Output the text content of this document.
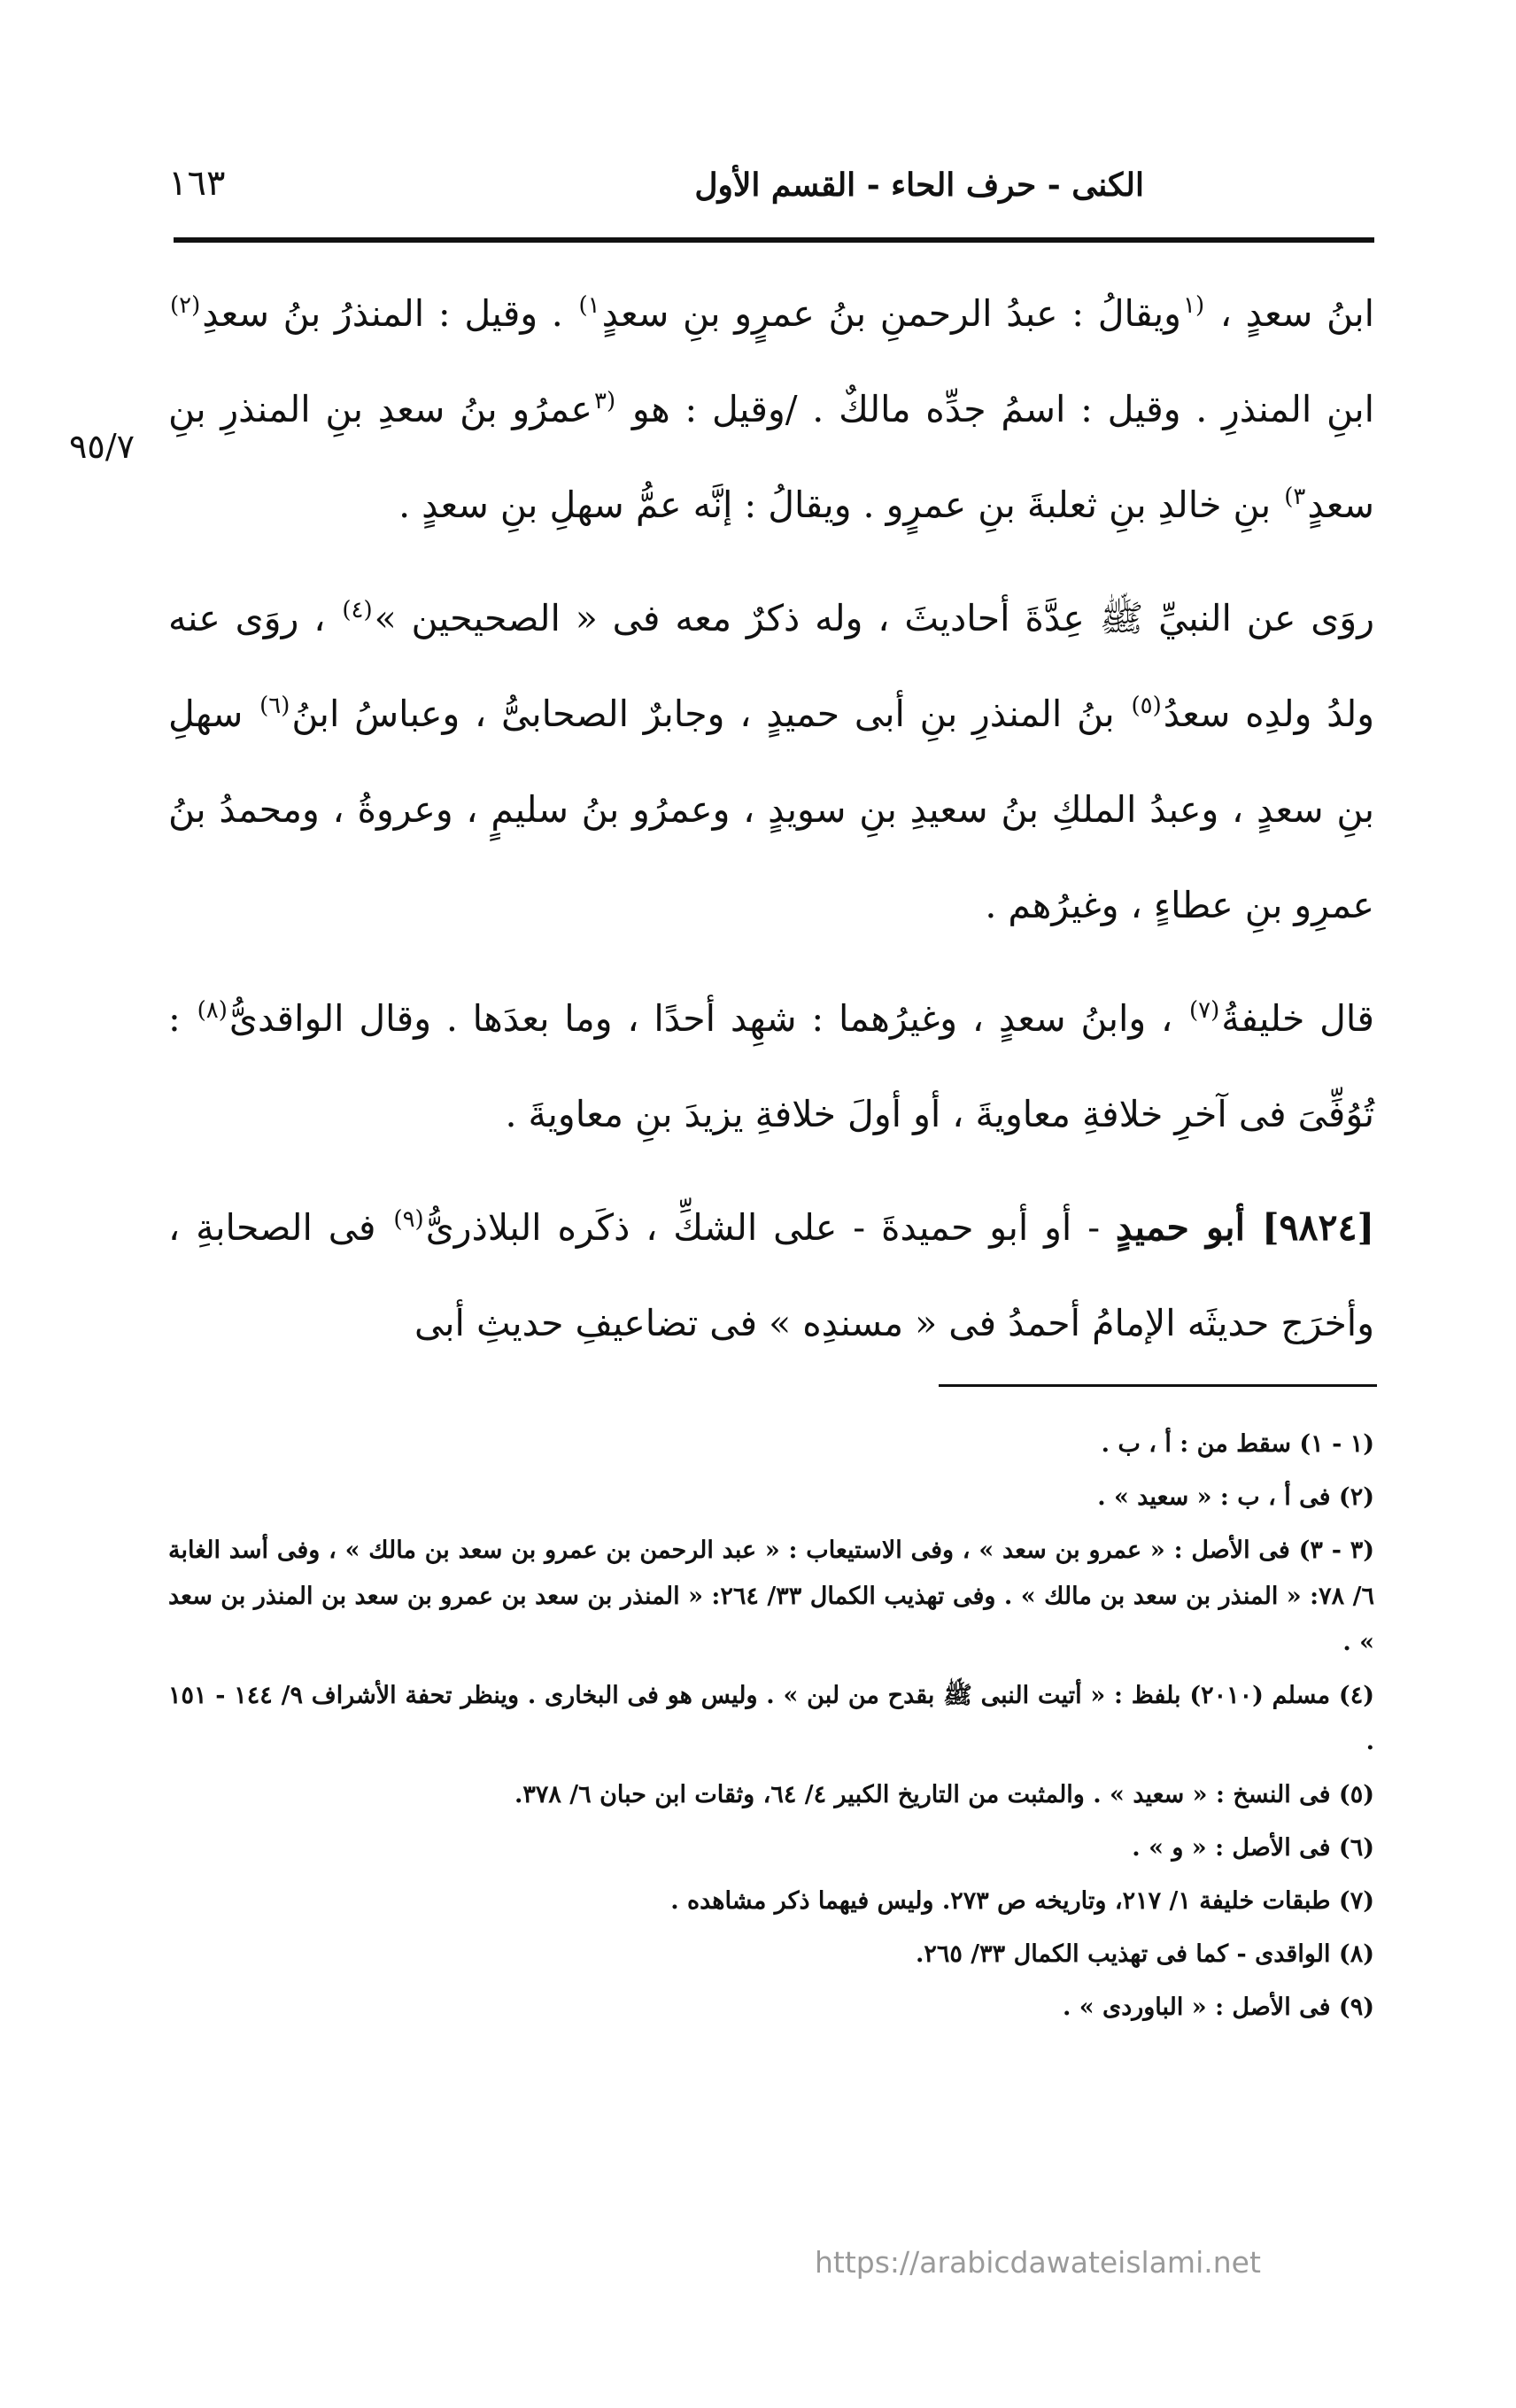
الكنى - حرف الحاء - القسم الأول
١٦٣
٩٥/٧

ابنُ سعدٍ ، $^{(١}$ويقالُ : عبدُ الرحمنِ بنُ عمرٍو بنِ سعدٍ$^{١)}$ . وقيل : المنذرُ بنُ سعدِ$^{(٢)}$ ابنِ المنذرِ . وقيل : اسمُ جدِّه مالكٌ . /وقيل : هو $^{(٣}$عمرُو بنُ سعدِ بنِ المنذرِ بنِ سعدٍ$^{٣)}$ بنِ خالدِ بنِ ثعلبةَ بنِ عمرٍو . ويقالُ : إنَّه عمُّ سهلِ بنِ سعدٍ .

روَى عن النبيِّ ﷺ عِدَّةَ أحاديثَ ، وله ذكرٌ معه فى « الصحيحين »$^{(٤)}$ ، روَى عنه ولدُ ولدِه سعدُ$^{(٥)}$ بنُ المنذرِ بنِ أبى حميدٍ ، وجابرٌ الصحابىُّ ، وعباسُ ابنُ$^{(٦)}$ سهلِ بنِ سعدٍ ، وعبدُ الملكِ بنُ سعيدِ بنِ سويدٍ ، وعمرُو بنُ سليمٍ ، وعروةُ ، ومحمدُ بنُ عمرِو بنِ عطاءٍ ، وغيرُهم .

قال خليفةُ$^{(٧)}$ ، وابنُ سعدٍ ، وغيرُهما : شهِد أحدًا ، وما بعدَها . وقال الواقدىُّ$^{(٨)}$ : تُوُفِّىَ فى آخرِ خلافةِ معاويةَ ، أو أولَ خلافةِ يزيدَ بنِ معاويةَ .

[٩٨٢٤] أبو حميدٍ - أو أبو حميدةَ - على الشكِّ ، ذكَره البلاذرىُّ$^{(٩)}$ فى الصحابةِ ، وأخرَج حديثَه الإمامُ أحمدُ فى « مسندِه » فى تضاعيفِ حديثِ أبى

(١ - ١) سقط من : أ ، ب .
(٢) فى أ ، ب : « سعيد » .
(٣ - ٣) فى الأصل : « عمرو بن سعد » ، وفى الاستيعاب : « عبد الرحمن بن عمرو بن سعد بن مالك » ، وفى أسد الغابة ٦/ ٧٨: « المنذر بن سعد بن مالك » . وفى تهذيب الكمال ٣٣/ ٢٦٤: « المنذر بن سعد بن عمرو بن سعد بن المنذر بن سعد » .
(٤) مسلم (٢٠١٠) بلفظ : « أتيت النبى ﷺ بقدح من لبن » . وليس هو فى البخارى . وينظر تحفة الأشراف ٩/ ١٤٤ - ١٥١ .
(٥) فى النسخ : « سعيد » . والمثبت من التاريخ الكبير ٤/ ٦٤، وثقات ابن حبان ٦/ ٣٧٨.
(٦) فى الأصل : « و » .
(٧) طبقات خليفة ١/ ٢١٧، وتاريخه ص ٢٧٣. وليس فيهما ذكر مشاهده .
(٨) الواقدى - كما فى تهذيب الكمال ٣٣/ ٢٦٥.
(٩) فى الأصل : « الباوردى » .
https://arabicdawateislami.net
